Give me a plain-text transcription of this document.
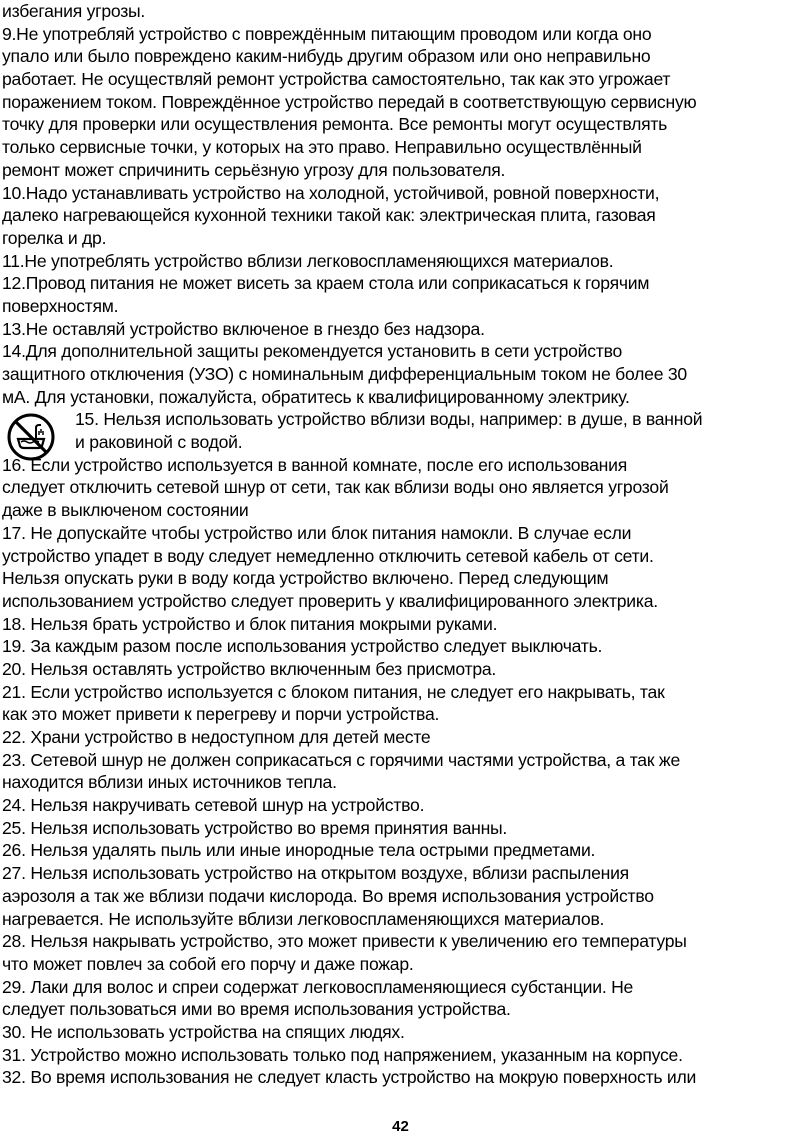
избегания угрозы.
9.Не употребляй устройство с повреждённым питающим проводом или когда оно
упало или было повреждено каким-нибудь другим образом или оно неправильно
работает. Не осуществляй ремонт устройства самостоятельно, так как это угрожает
поражением током. Повреждённое устройство передай в соответствующую сервисную
точку для проверки или осуществления ремонта. Все ремонты могут осуществлять
только сервисные точки, у которых на это право. Неправильно осуществлённый
ремонт может спричинить серьёзную угрозу для пользователя.
10.Надо устанавливать устройство на холодной, устойчивой, ровной поверхности,
далеко нагревающейся кухонной техники такой как: электрическая плита, газовая
горелка и др.
11.Не употреблять устройство вблизи легковоспламеняющихся материалов.
12.Провод питания не может висеть за краем стола или соприкасаться к горячим
поверхностям.
13.Не оставляй устройство включеное в гнездо без надзора.
14.Для дополнительной защиты рекомендуется установить в сети устройство
защитного отключения (УЗО) с номинальным дифференциальным током не более 30
мА. Для установки, пожалуйста, обратитесь к квалифицированному электрику.
15. Нельзя использовать устройство вблизи воды, например: в душе, в ванной
и раковиной с водой.
16. Если устройство используется в ванной комнате, после его использования
следует отключить сетевой шнур от сети, так как вблизи воды оно является угрозой
даже в выключеном состоянии
17. Не допускайте чтобы устройство или блок питания намокли. В случае если
устройство упадет в воду следует немедленно отключить сетевой кабель от сети.
Нельзя опускать руки в воду когда устройство включено. Перед следующим
использованием устройство следует проверить у квалифицированного электрика.
18. Нельзя брать устройство и блок питания мокрыми руками.
19. За каждым разом после использования устройство следует выключать.
20. Нельзя оставлять устройство включенным без присмотра.
21. Если устройство используется с блоком питания, не следует его накрывать, так
как это может привети к перегреву и порчи устройства.
22. Храни устройство в недоступном для детей месте
23. Сетевой шнур не должен соприкасаться с горячими частями устройства, а так же
находится вблизи иных источников тепла.
24. Нельзя накручивать сетевой шнур на устройство.
25. Нельзя использовать устройство во время принятия ванны.
26. Нельзя удалять пыль или иные инородные тела острыми предметами.
27. Нельзя использовать устройство на открытом воздухе, вблизи распыления
аэрозоля а так же вблизи подачи кислорода. Во время использования устройство
нагревается. Не используйте вблизи легковоспламеняющихся материалов.
28. Нельзя накрывать устройство, это может привести к увеличению его температуры
что может повлеч за собой его порчу и даже пожар.
29. Лаки для волос и спреи содержат легковоспламеняющиеся субстанции. Не
следует пользоваться ими во время использования устройства.
30. Не использовать устройства на спящих людях.
31. Устройство можно использовать только под напряжением, указанным на корпусе.
32. Во время использования не следует класть устройство на мокрую поверхность или
42
